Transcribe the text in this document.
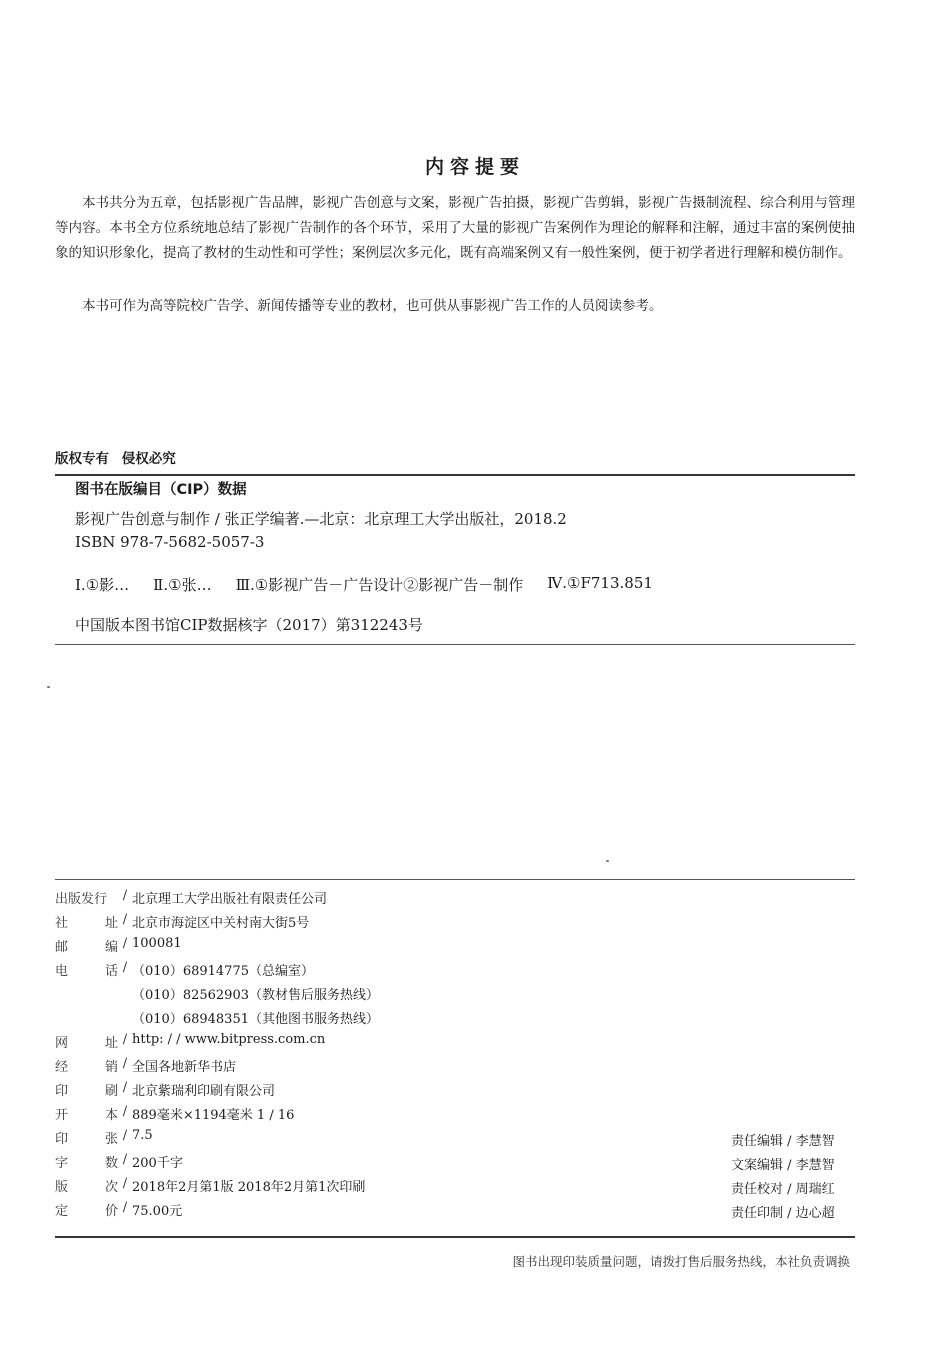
内容提要

本书共分为五章，包括影视广告品牌，影视广告创意与文案，影视广告拍摄，影视广告剪辑，影视广告摄制流程、综合利用与管理等内容。本书全方位系统地总结了影视广告制作的各个环节，采用了大量的影视广告案例作为理论的解释和注解，通过丰富的案例使抽象的知识形象化，提高了教材的生动性和可学性；案例层次多元化，既有高端案例又有一般性案例，便于初学者进行理解和模仿制作。

本书可作为高等院校广告学、新闻传播等专业的教材，也可供从事影视广告工作的人员阅读参考。

版权专有 侵权必究
图书在版编目（CIP）数据
影视广告创意与制作 / 张正学编著.—北京：北京理工大学出版社，2018.2
ISBN 978-7-5682-5057-3
Ⅰ.①影… Ⅱ.①张… Ⅲ.①影视广告－广告设计②影视广告－制作 Ⅳ.①F713.851
中国版本图书馆CIP数据核字（2017）第312243号
出版发行	/ 北京理工大学出版社有限责任公司
社	址 / 北京市海淀区中关村南大街5号
邮	编 / 100081
电	话 / （010）68914775（总编室）
（010）82562903（教材售后服务热线）
（010）68948351（其他图书服务热线）
网	址 / http: / / www.bitpress.com.cn
经	销 / 全国各地新华书店
印	刷 / 北京紫瑞利印刷有限公司
开	本 / 889毫米×1194毫米 1 / 16
印	张 / 7.5
字	数 / 200千字
版	次 / 2018年2月第1版 2018年2月第1次印刷
定	价 / 75.00元
责任编辑 / 李慧智
文案编辑 / 李慧智
责任校对 / 周瑞红
责任印制 / 边心超
图书出现印装质量问题，请拨打售后服务热线，本社负责调换
